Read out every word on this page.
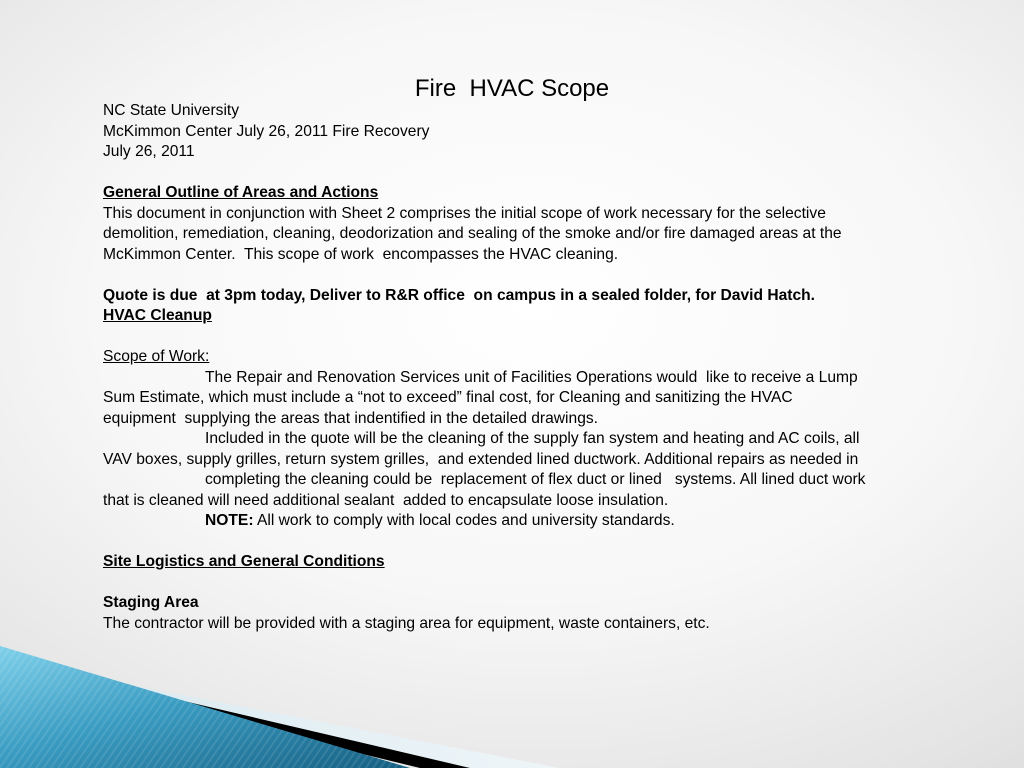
Fire  HVAC Scope
NC State University
McKimmon Center July 26, 2011 Fire Recovery
July 26, 2011
General Outline of Areas and Actions
This document in conjunction with Sheet 2 comprises the initial scope of work necessary for the selective
demolition, remediation, cleaning, deodorization and sealing of the smoke and/or fire damaged areas at the
McKimmon Center.  This scope of work  encompasses the HVAC cleaning.
Quote is due  at 3pm today, Deliver to R&R office  on campus in a sealed folder, for David Hatch.
HVAC Cleanup
Scope of Work:
The Repair and Renovation Services unit of Facilities Operations would  like to receive a Lump
Sum Estimate, which must include a “not to exceed” final cost, for Cleaning and sanitizing the HVAC
equipment  supplying the areas that indentified in the detailed drawings.
Included in the quote will be the cleaning of the supply fan system and heating and AC coils, all
VAV boxes, supply grilles, return system grilles,  and extended lined ductwork. Additional repairs as needed in
completing the cleaning could be  replacement of flex duct or lined   systems. All lined duct work
that is cleaned will need additional sealant  added to encapsulate loose insulation.
NOTE: All work to comply with local codes and university standards.
Site Logistics and General Conditions
Staging Area
The contractor will be provided with a staging area for equipment, waste containers, etc.
